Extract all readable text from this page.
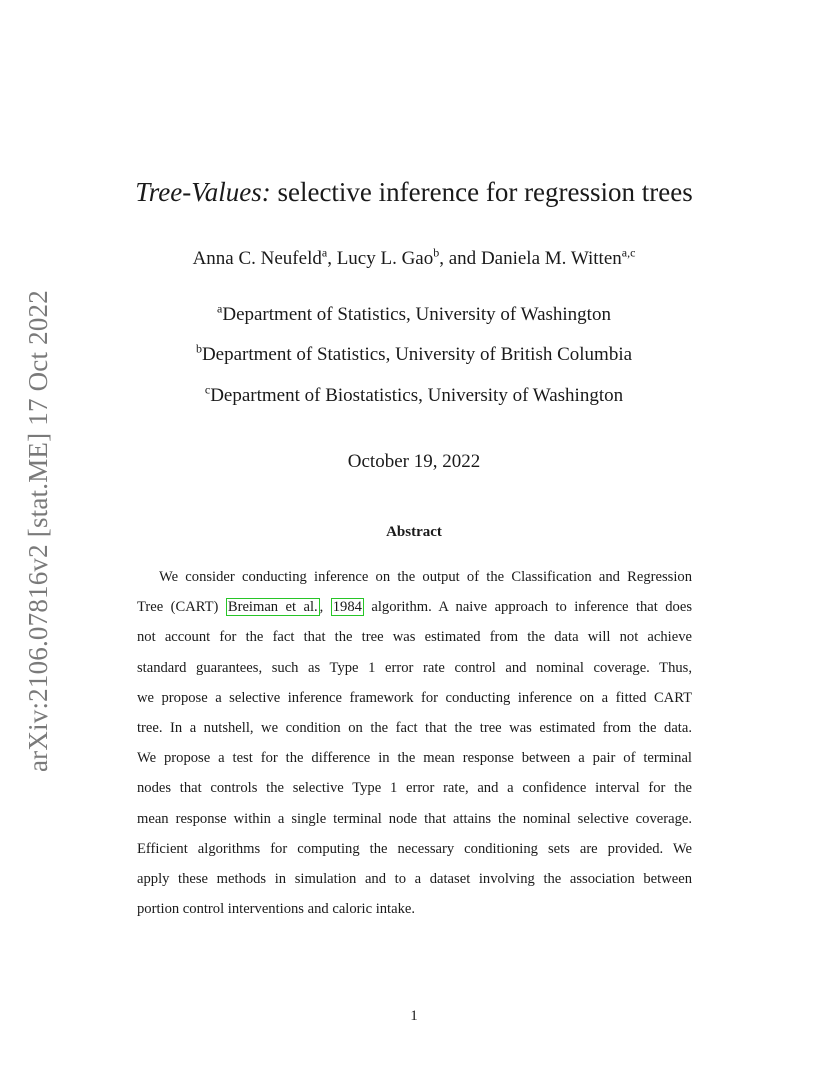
arXiv:2106.07816v2 [stat.ME] 17 Oct 2022
Tree-Values: selective inference for regression trees
Anna C. Neufeld$^a$, Lucy L. Gao$^b$, and Daniela M. Witten$^{a,c}$
$^a$Department of Statistics, University of Washington
$^b$Department of Statistics, University of British Columbia
$^c$Department of Biostatistics, University of Washington
October 19, 2022
Abstract
We consider conducting inference on the output of the Classification and Regression
Tree (CART) Breiman et al. , 1984 algorithm. A naive approach to inference that does
not account for the fact that the tree was estimated from the data will not achieve
standard guarantees, such as Type 1 error rate control and nominal coverage. Thus,
we propose a selective inference framework for conducting inference on a fitted CART
tree. In a nutshell, we condition on the fact that the tree was estimated from the data.
We propose a test for the difference in the mean response between a pair of terminal
nodes that controls the selective Type 1 error rate, and a confidence interval for the
mean response within a single terminal node that attains the nominal selective coverage.
Efficient algorithms for computing the necessary conditioning sets are provided. We
apply these methods in simulation and to a dataset involving the association between
portion control interventions and caloric intake.
1
